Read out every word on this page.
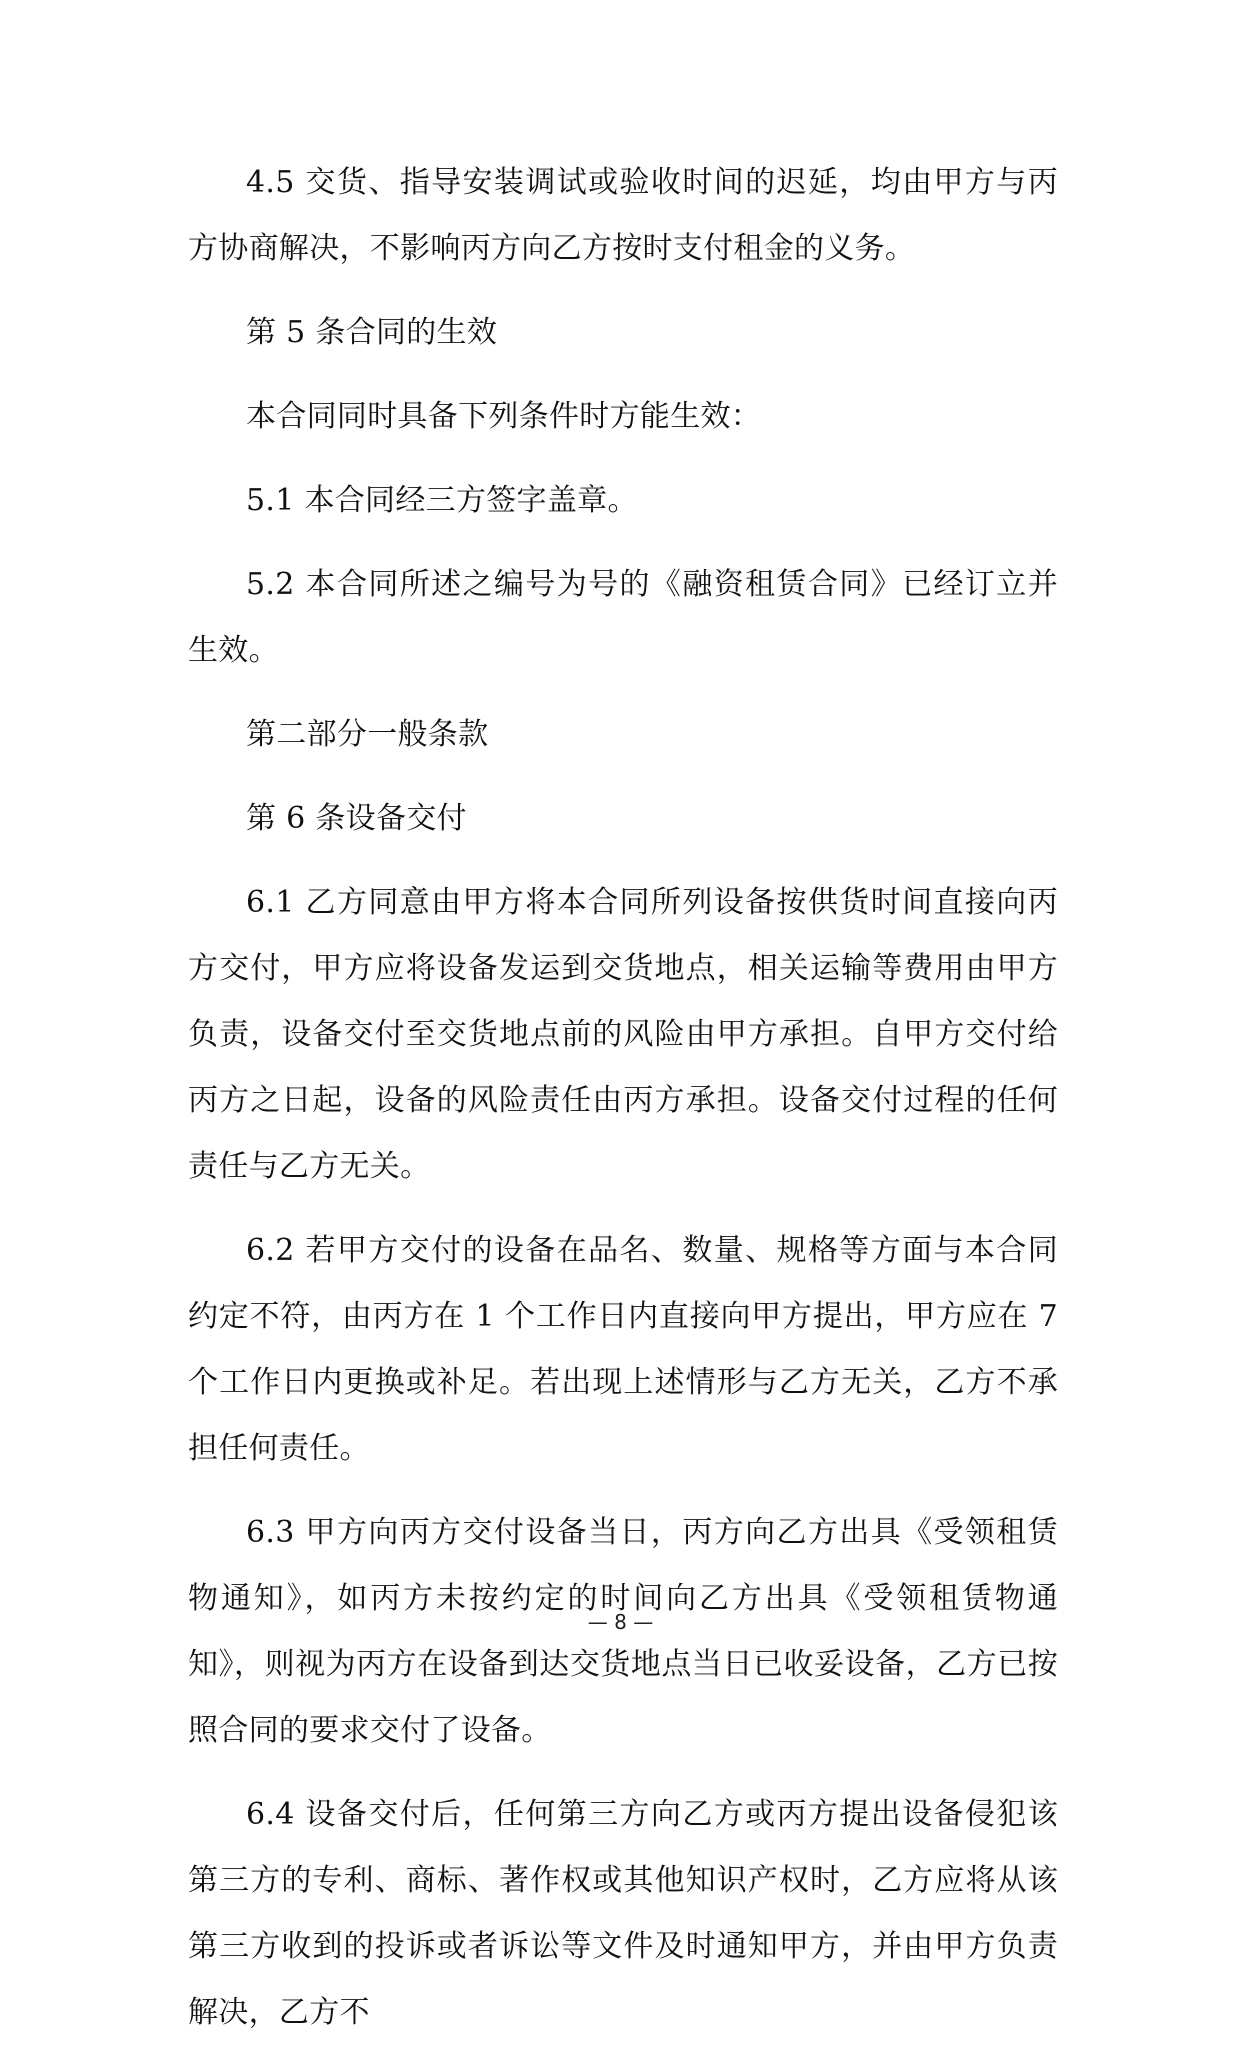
4.5 交货、指导安装调试或验收时间的迟延，均由甲方与丙方协商解决，不影响丙方向乙方按时支付租金的义务。

第 5 条合同的生效

本合同同时具备下列条件时方能生效：

5.1 本合同经三方签字盖章。

5.2 本合同所述之编号为号的《融资租赁合同》已经订立并生效。

第二部分一般条款

第 6 条设备交付

6.1 乙方同意由甲方将本合同所列设备按供货时间直接向丙方交付，甲方应将设备发运到交货地点，相关运输等费用由甲方负责，设备交付至交货地点前的风险由甲方承担。自甲方交付给丙方之日起，设备的风险责任由丙方承担。设备交付过程的任何责任与乙方无关。

6.2 若甲方交付的设备在品名、数量、规格等方面与本合同约定不符，由丙方在 1 个工作日内直接向甲方提出，甲方应在 7 个工作日内更换或补足。若出现上述情形与乙方无关，乙方不承担任何责任。

6.3 甲方向丙方交付设备当日，丙方向乙方出具《受领租赁物通知》，如丙方未按约定的时间向乙方出具《受领租赁物通知》，则视为丙方在设备到达交货地点当日已收妥设备，乙方已按照合同的要求交付了设备。

6.4 设备交付后，任何第三方向乙方或丙方提出设备侵犯该第三方的专利、商标、著作权或其他知识产权时，乙方应将从该第三方收到的投诉或者诉讼等文件及时通知甲方，并由甲方负责解决，乙方不

— 8 —
